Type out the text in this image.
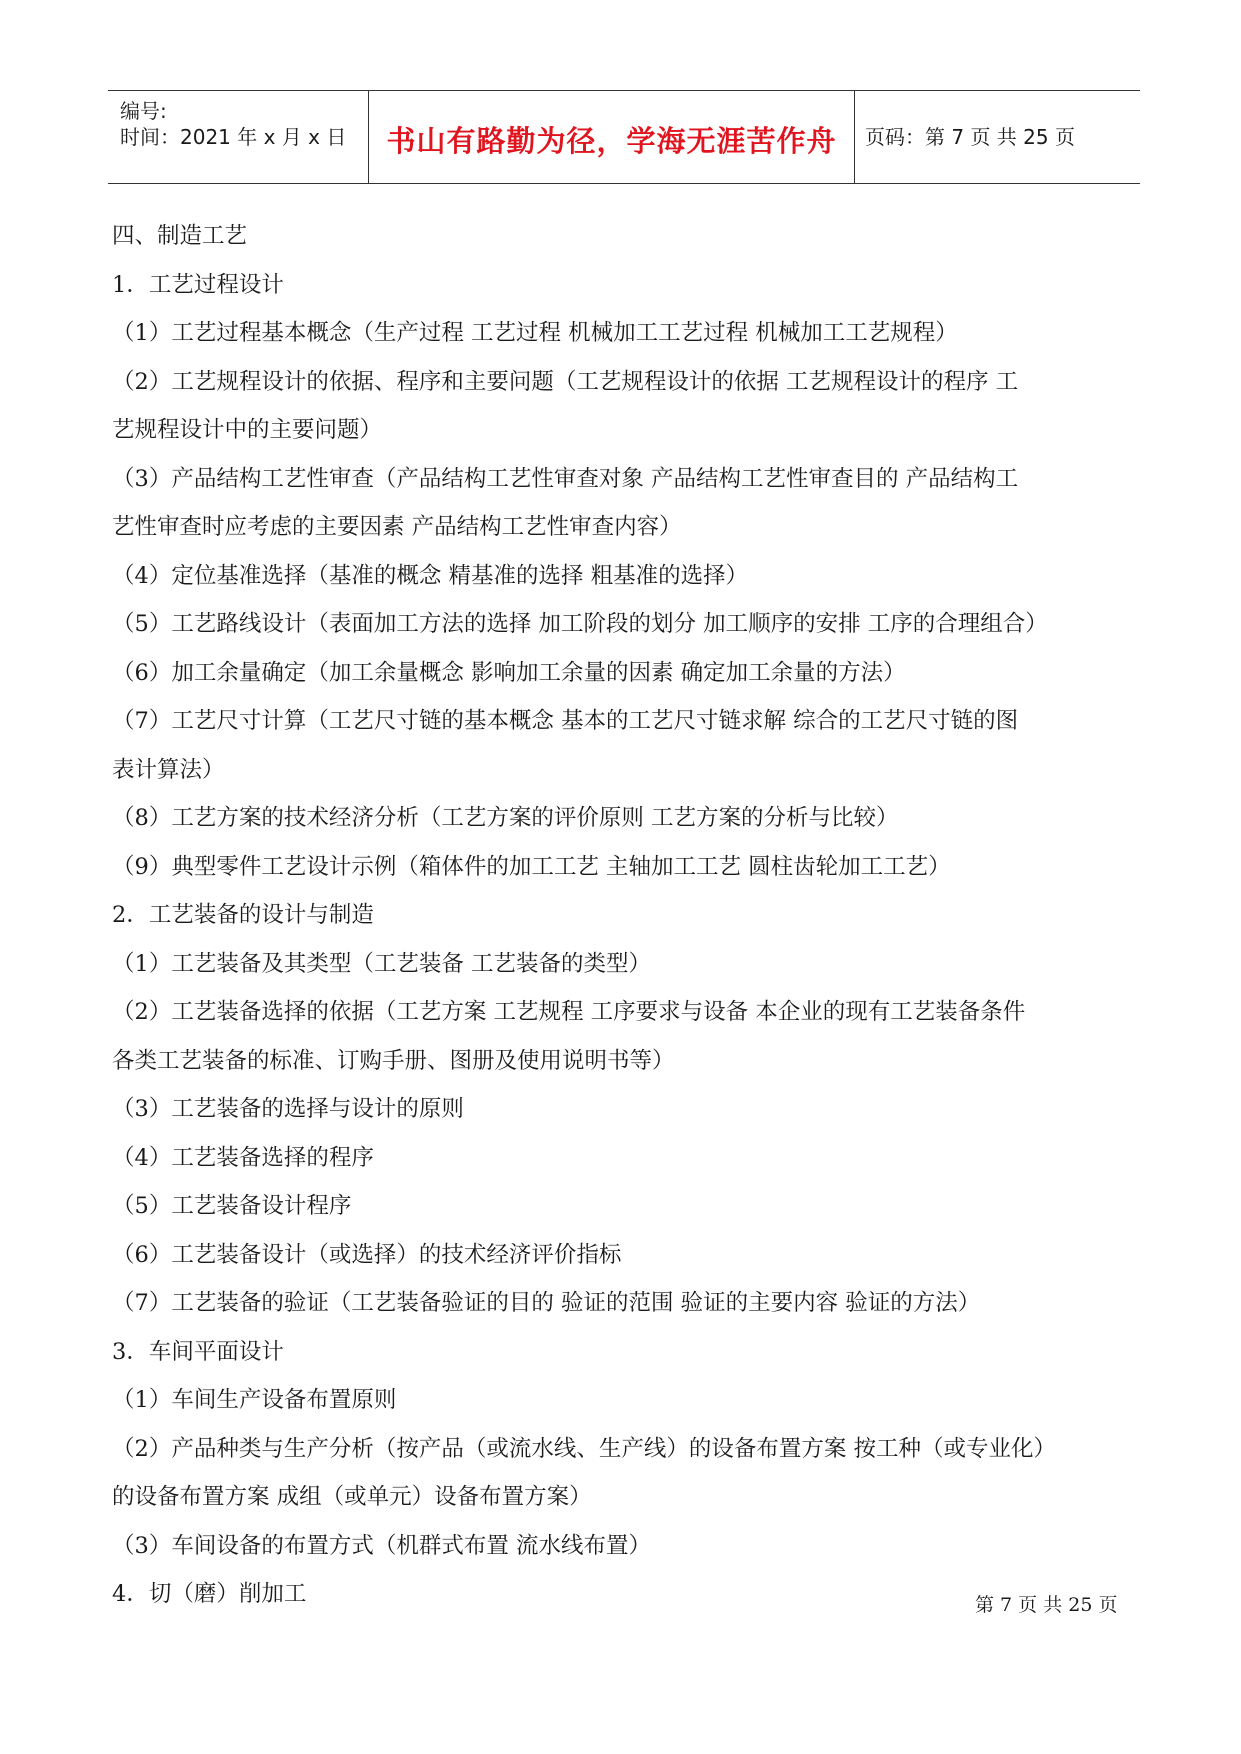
编号:
时间：2021 年 x 月 x 日	书山有路勤为径，学海无涯苦作舟	页码：第 7 页 共 25 页
四、制造工艺
1．工艺过程设计
（1）工艺过程基本概念（生产过程 工艺过程 机械加工工艺过程 机械加工工艺规程）
（2）工艺规程设计的依据、程序和主要问题（工艺规程设计的依据 工艺规程设计的程序 工
艺规程设计中的主要问题）
（3）产品结构工艺性审查（产品结构工艺性审查对象 产品结构工艺性审查目的 产品结构工
艺性审查时应考虑的主要因素 产品结构工艺性审查内容）
（4）定位基准选择（基准的概念 精基准的选择 粗基准的选择）
（5）工艺路线设计（表面加工方法的选择 加工阶段的划分 加工顺序的安排 工序的合理组合）
（6）加工余量确定（加工余量概念 影响加工余量的因素 确定加工余量的方法）
（7）工艺尺寸计算（工艺尺寸链的基本概念 基本的工艺尺寸链求解 综合的工艺尺寸链的图
表计算法）
（8）工艺方案的技术经济分析（工艺方案的评价原则 工艺方案的分析与比较）
（9）典型零件工艺设计示例（箱体件的加工工艺 主轴加工工艺 圆柱齿轮加工工艺）
2．工艺装备的设计与制造
（1）工艺装备及其类型（工艺装备 工艺装备的类型）
（2）工艺装备选择的依据（工艺方案 工艺规程 工序要求与设备 本企业的现有工艺装备条件
各类工艺装备的标准、订购手册、图册及使用说明书等）
（3）工艺装备的选择与设计的原则
（4）工艺装备选择的程序
（5）工艺装备设计程序
（6）工艺装备设计（或选择）的技术经济评价指标
（7）工艺装备的验证（工艺装备验证的目的 验证的范围 验证的主要内容 验证的方法）
3．车间平面设计
（1）车间生产设备布置原则
（2）产品种类与生产分析（按产品（或流水线、生产线）的设备布置方案 按工种（或专业化）
的设备布置方案 成组（或单元）设备布置方案）
（3）车间设备的布置方式（机群式布置 流水线布置）
4．切（磨）削加工	第 7 页 共 25 页
